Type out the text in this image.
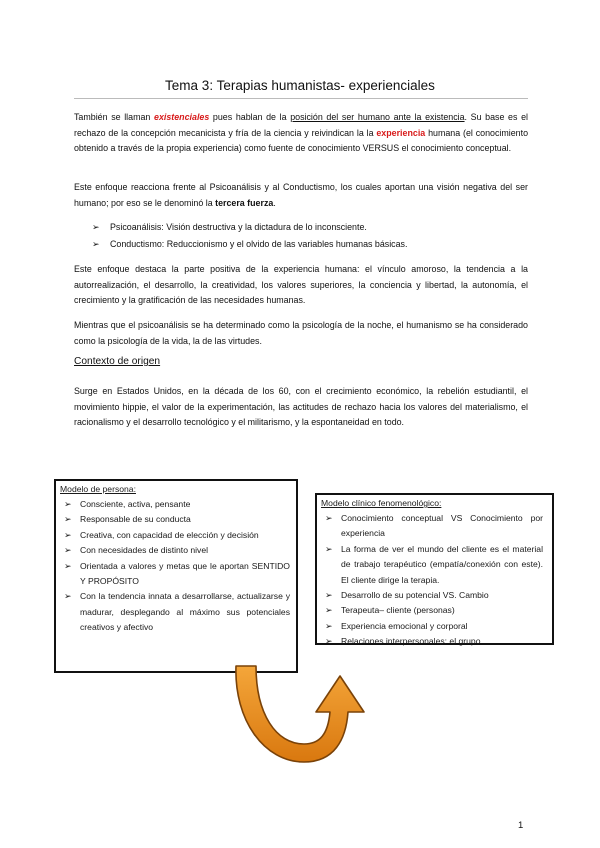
Tema 3: Terapias humanistas- experienciales

También se llaman existenciales pues hablan de la posición del ser humano ante la existencia. Su base es el rechazo de la concepción mecanicista y fría de la ciencia y reivindican la la experiencia humana (el conocimiento obtenido a través de la propia experiencia) como fuente de conocimiento VERSUS el conocimiento conceptual.

Este enfoque reacciona frente al Psicoanálisis y al Conductismo, los cuales aportan una visión negativa del ser humano; por eso se le denominó la tercera fuerza.

➢ Psicoanálisis: Visión destructiva y la dictadura de lo inconsciente.
➢ Conductismo: Reduccionismo y el olvido de las variables humanas básicas.

Este enfoque destaca la parte positiva de la experiencia humana: el vínculo amoroso, la tendencia a la autorrealización, el desarrollo, la creatividad, los valores superiores, la conciencia y libertad, la autonomía, el crecimiento y la gratificación de las necesidades humanas.

Mientras que el psicoanálisis se ha determinado como la psicología de la noche, el humanismo se ha considerado como la psicología de la vida, la de las virtudes.

Contexto de origen

Surge en Estados Unidos, en la década de los 60, con el crecimiento económico, la rebelión estudiantil, el movimiento hippie, el valor de la experimentación, las actitudes de rechazo hacia los valores del materialismo, el racionalismo y el desarrollo tecnológico y el militarismo, y la espontaneidad en todo.

Modelo de persona:
➢ Consciente, activa, pensante
➢ Responsable de su conducta
➢ Creativa, con capacidad de elección y decisión
➢ Con necesidades de distinto nivel
➢ Orientada a valores y metas que le aportan SENTIDO Y PROPÓSITO
➢ Con la tendencia innata a desarrollarse, actualizarse y madurar, desplegando al máximo sus potenciales creativos y afectivo
Modelo clínico fenomenológico:
➢ Conocimiento conceptual VS Conocimiento por experiencia
➢ La forma de ver el mundo del cliente es el material de trabajo terapéutico (empatía/conexión con este). El cliente dirige la terapia.
➢ Desarrollo de su potencial VS. Cambio
➢ Terapeuta– cliente (personas)
➢ Experiencia emocional y corporal
➢ Relaciones interpersonales: el grupo
1
